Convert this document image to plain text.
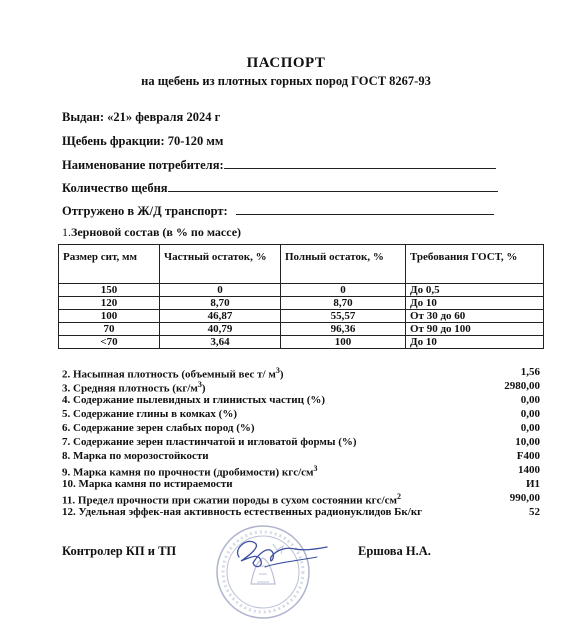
ПАСПОРТ
на щебень из плотных горных пород ГОСТ 8267-93
Выдан: «21» февраля 2024 г
Щебень фракции: 70-120 мм
Наименование потребителя:
Количество щебня
Отгружено в Ж/Д транспорт:
1.Зерновой состав (в % по массе)
Размер сит, мм	Частный остаток, %	Полный остаток, %	Требования ГОСТ, %
150	0	0	До 0,5
120	8,70	8,70	До 10
100	46,87	55,57	От 30 до 60
70	40,79	96,36	От 90 до 100
<70	3,64	100	До 10
2. Насыпная плотность (объемный вес т/ $м^3$)	1,56
3. Средняя плотность $(кг/м^3)$	2980,00
4. Содержание пылевидных и глинистых частиц (%)	0,00
5. Содержание глины в комках (%)	0,00
6. Содержание зерен слабых пород (%)	0,00
7. Содержание зерен пластинчатой и игловатой формы (%)	10,00
8. Марка по морозостойкости	F400
9. Марка камня по прочности (дробимости) кгс/$см^3$	1400
10. Марка камня по истираемости	И1
11. Предел прочности при сжатии породы в сухом состоянии кгс/$см^2$	990,00
12. Удельная эффек-ная активность естественных радионуклидов Бк/кг	52
Контролер КП и ТП	Ершова Н.А.
